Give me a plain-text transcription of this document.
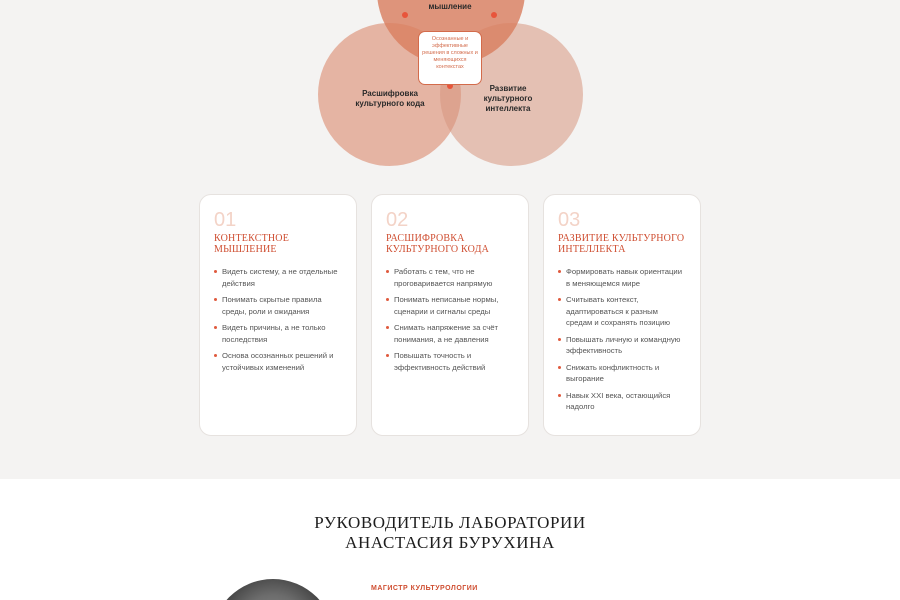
мышление
Расшифровка
культурного кода
Развитие
культурного
интеллекта
Осознанные и эффективные решения в сложных и меняющихся контекстах
01
КОНТЕКСТНОЕ МЫШЛЕНИЕ
Видеть систему, а не отдельные действия
Понимать скрытые правила среды, роли и ожидания
Видеть причины, а не только последствия
Основа осознанных решений и устойчивых изменений
02
РАСШИФРОВКА КУЛЬТУРНОГО КОДА
Работать с тем, что не проговаривается напрямую
Понимать неписаные нормы, сценарии и сигналы среды
Снимать напряжение за счёт понимания, а не давления
Повышать точность и эффективность действий
03
РАЗВИТИЕ КУЛЬТУРНОГО ИНТЕЛЛЕКТА
Формировать навык ориентации в меняющемся мире
Считывать контекст, адаптироваться к разным средам и сохранять позицию
Повышать личную и командную эффективность
Снижать конфликтность и выгорание
Навык XXI века, остающийся надолго
РУКОВОДИТЕЛЬ ЛАБОРАТОРИИ
АНАСТАСИЯ БУРУХИНА
МАГИСТР КУЛЬТУРОЛОГИИ
